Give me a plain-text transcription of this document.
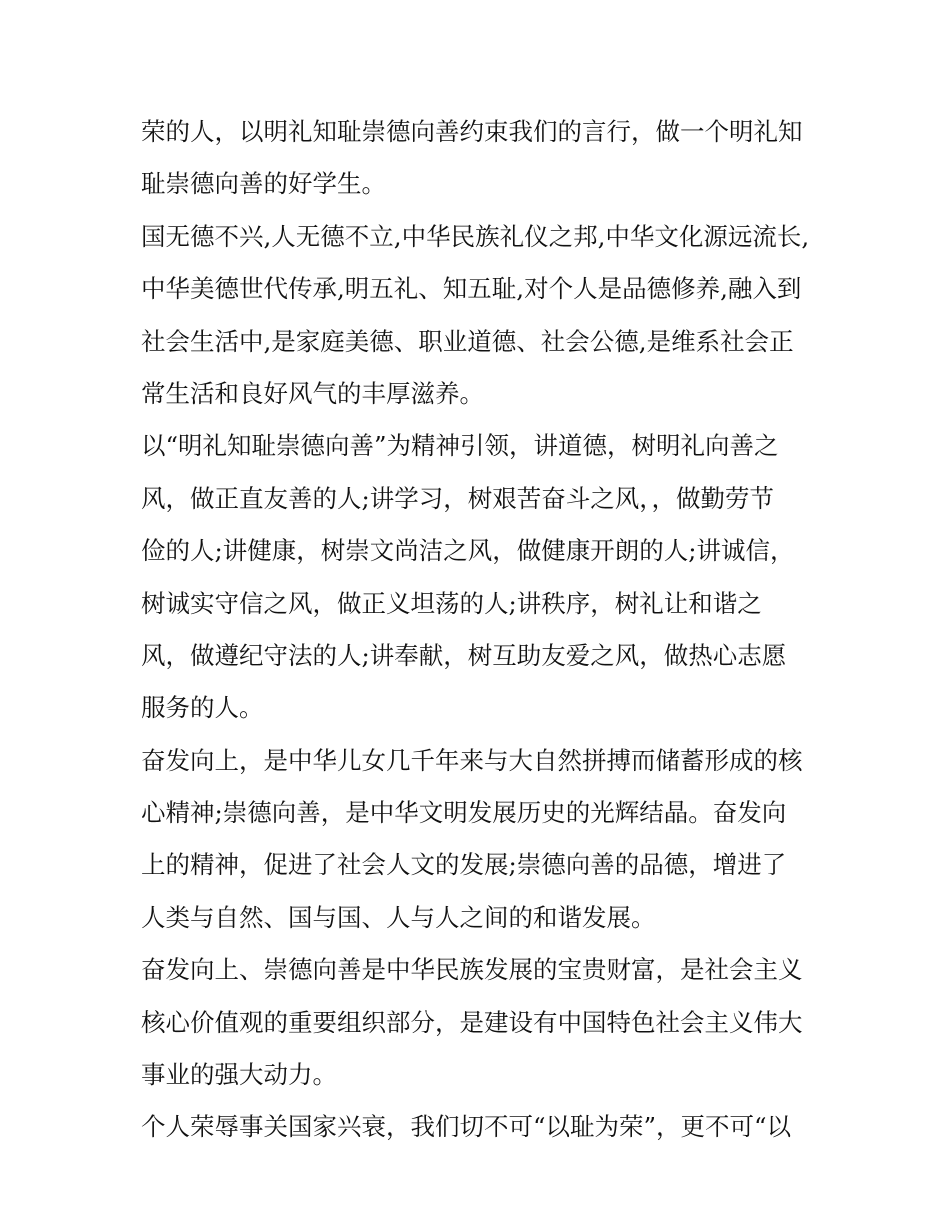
荣的人，以明礼知耻崇德向善约束我们的言行，做一个明礼知
耻崇德向善的好学生。
国无德不兴,人无德不立,中华民族礼仪之邦,中华文化源远流长,
中华美德世代传承,明五礼、知五耻,对个人是品德修养,融入到
社会生活中,是家庭美德、职业道德、社会公德,是维系社会正
常生活和良好风气的丰厚滋养。
以“明礼知耻崇德向善”为精神引领，讲道德，树明礼向善之
风，做正直友善的人;讲学习，树艰苦奋斗之风，，做勤劳节
俭的人;讲健康，树崇文尚洁之风，做健康开朗的人;讲诚信，
树诚实守信之风，做正义坦荡的人;讲秩序，树礼让和谐之
风，做遵纪守法的人;讲奉献，树互助友爱之风，做热心志愿
服务的人。
奋发向上，是中华儿女几千年来与大自然拼搏而储蓄形成的核
心精神;崇德向善，是中华文明发展历史的光辉结晶。奋发向
上的精神，促进了社会人文的发展;崇德向善的品德，增进了
人类与自然、国与国、人与人之间的和谐发展。
奋发向上、崇德向善是中华民族发展的宝贵财富，是社会主义
核心价值观的重要组织部分，是建设有中国特色社会主义伟大
事业的强大动力。
个人荣辱事关国家兴衰，我们切不可“以耻为荣”，更不可“以
